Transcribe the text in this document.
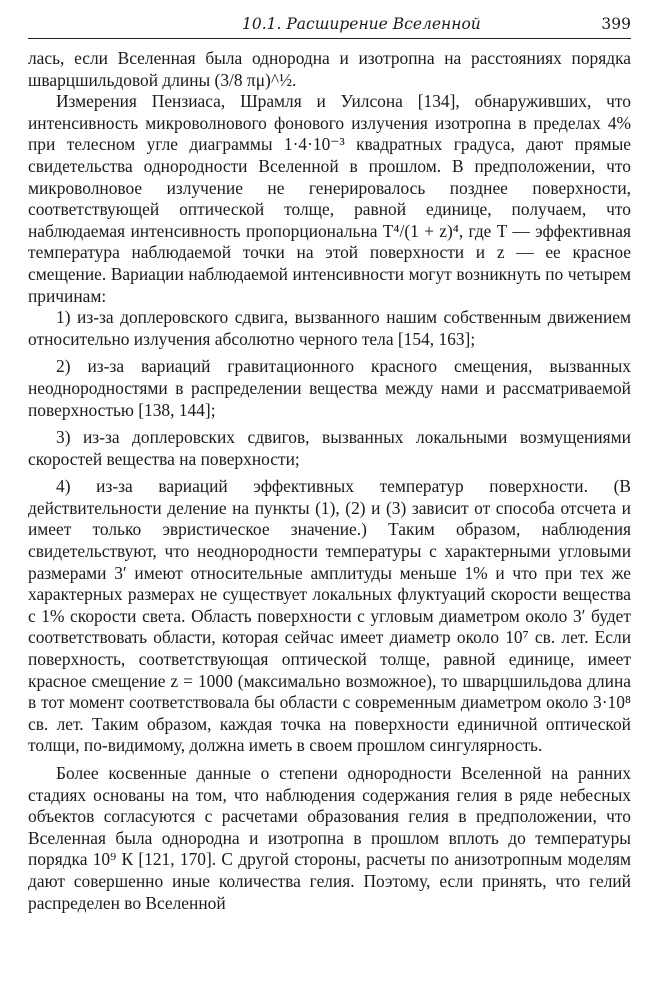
10.1. Расширение Вселенной	399

лась, если Вселенная была однородна и изотропна на расстояниях порядка шварцшильдовой длины (3/8 πμ)^½.

Измерения Пензиаса, Шрамля и Уилсона [134], обнаруживших, что интенсивность микроволнового фонового излучения изотропна в пределах 4% при телесном угле диаграммы 1·4·10⁻³ квадратных градуса, дают прямые свидетельства однородности Вселенной в прошлом. В предположении, что микроволновое излучение не генерировалось позднее поверхности, соответствующей оптической толще, равной единице, получаем, что наблюдаемая интенсивность пропорциональна T⁴/(1 + z)⁴, где T — эффективная температура наблюдаемой точки на этой поверхности и z — ее красное смещение. Вариации наблюдаемой интенсивности могут возникнуть по четырем причинам:

1) из-за доплеровского сдвига, вызванного нашим собственным движением относительно излучения абсолютно черного тела [154, 163];

2) из-за вариаций гравитационного красного смещения, вызванных неоднородностями в распределении вещества между нами и рассматриваемой поверхностью [138, 144];

3) из-за доплеровских сдвигов, вызванных локальными возмущениями скоростей вещества на поверхности;

4) из-за вариаций эффективных температур поверхности. (В действительности деление на пункты (1), (2) и (3) зависит от способа отсчета и имеет только эвристическое значение.) Таким образом, наблюдения свидетельствуют, что неоднородности температуры с характерными угловыми размерами 3′ имеют относительные амплитуды меньше 1% и что при тех же характерных размерах не существует локальных флуктуаций скорости вещества с 1% скорости света. Область поверхности с угловым диаметром около 3′ будет соответствовать области, которая сейчас имеет диаметр около 10⁷ св. лет. Если поверхность, соответствующая оптической толще, равной единице, имеет красное смещение z = 1000 (максимально возможное), то шварцшильдова длина в тот момент соответствовала бы области с современным диаметром около 3·10⁸ св. лет. Таким образом, каждая точка на поверхности единичной оптической толщи, по-видимому, должна иметь в своем прошлом сингулярность.

Более косвенные данные о степени однородности Вселенной на ранних стадиях основаны на том, что наблюдения содержания гелия в ряде небесных объектов согласуются с расчетами образования гелия в предположении, что Вселенная была однородна и изотропна в прошлом вплоть до температуры порядка 10⁹ К [121, 170]. С другой стороны, расчеты по анизотропным моделям дают совершенно иные количества гелия. Поэтому, если принять, что гелий распределен во Вселенной
